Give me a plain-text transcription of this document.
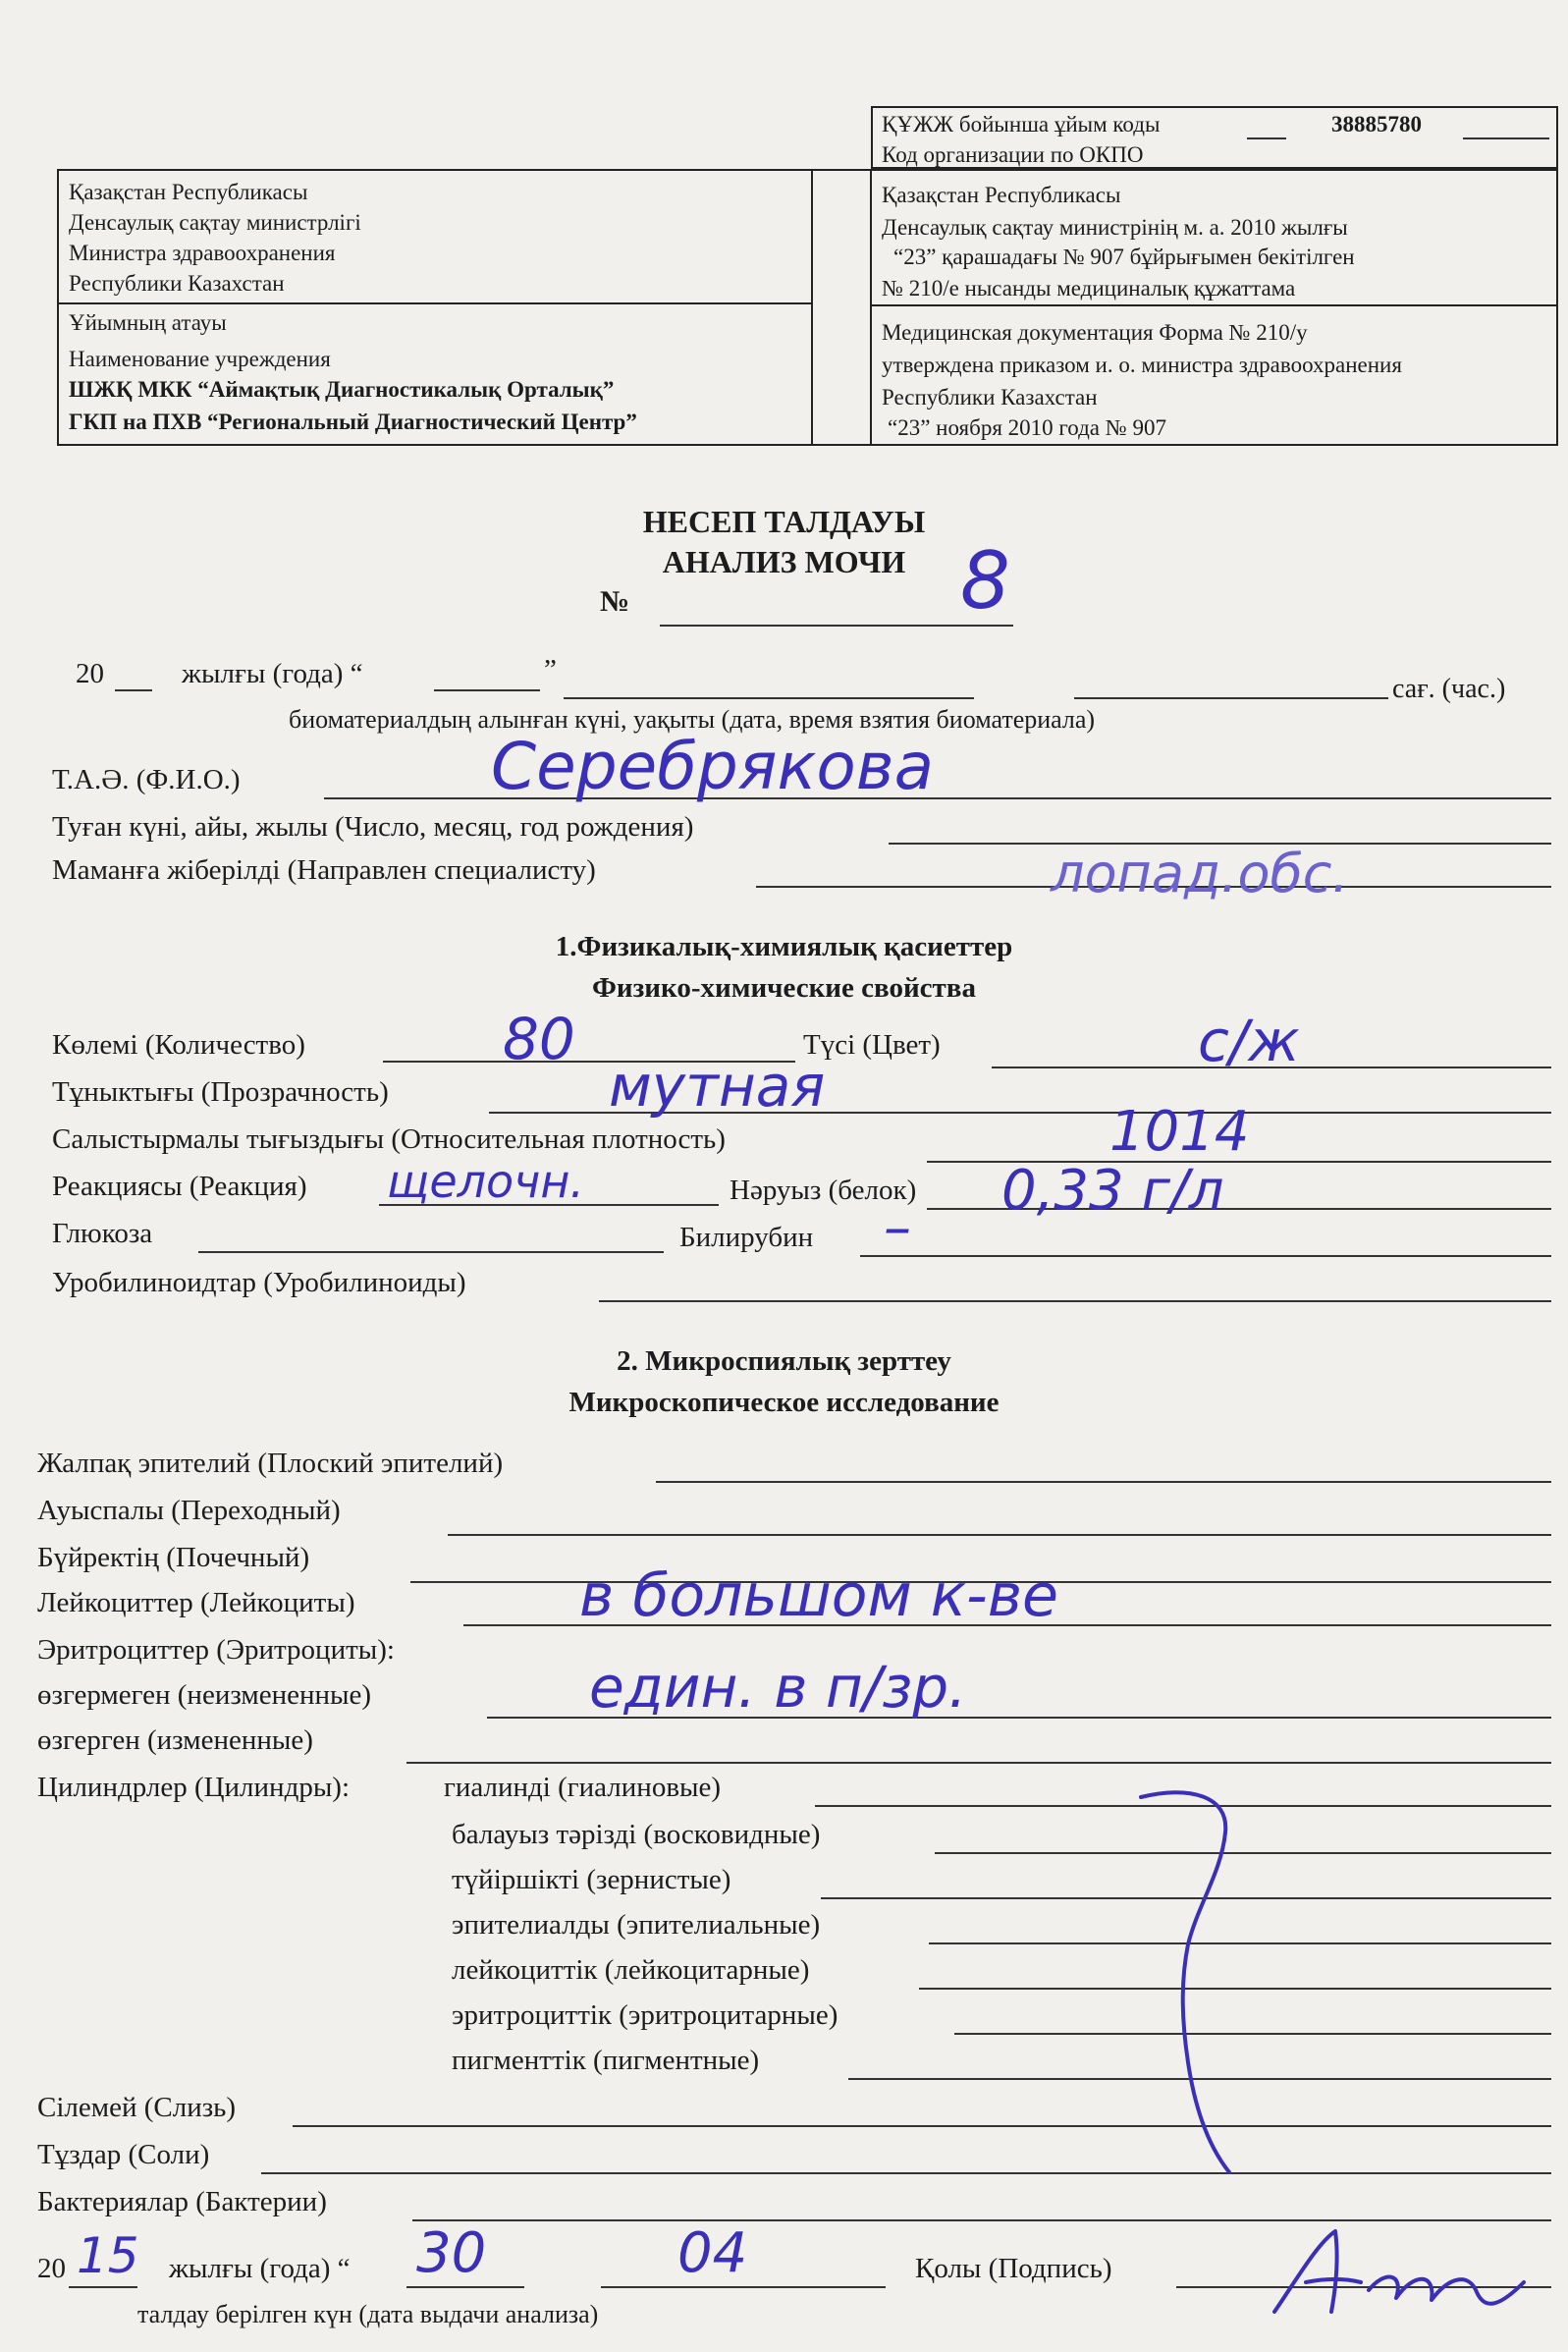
ҚҰЖЖ бойынша ұйым коды	38885780
Код организации по ОКПО
Қазақстан Республикасы
Денсаулық сақтау министрлігі
Министра здравоохранения
Республики Казахстан
Ұйымның атауы
Наименование учреждения
ШЖҚ МКК “Аймақтық Диагностикалық Орталық”
ГКП на ПХВ “Региональный Диагностический Центр”
Қазақстан Республикасы
Денсаулық сақтау министрінің м. а. 2010 жылғы
“23” қарашадағы № 907 бұйрығымен бекітілген
№ 210/е нысанды медициналық құжаттама
Медицинская документация Форма № 210/у
утверждена приказом и. о. министра здравоохранения
Республики Казахстан
“23” ноября 2010 года № 907
НЕСЕП ТАЛДАУЫ
АНАЛИЗ МОЧИ
№	8
20	жылғы (года) “	”
сағ. (час.)
биоматериалдың алынған күні, уақыты (дата, время взятия биоматериала)
Т.А.Ә. (Ф.И.О.)	Серебрякова
Туған күні, айы, жылы (Число, месяц, год рождения)
Маманға жіберілді (Направлен специалисту)	лопад.обс.
1.Физикалық-химиялық қасиеттер
Физико-химические свойства
Көлемі (Количество)	80	Түсі (Цвет)	с/ж
Тұныктығы (Прозрачность)	мутная
Салыстырмалы тығыздығы (Относительная плотность)	1014
Реакциясы (Реакция) щелочн.	Нәруыз (белок) 0,33 г/л
Глюкоза	Билирубин –
Уробилиноидтар (Уробилиноиды)
2. Микроспиялық зерттеу
Микроскопическое исследование
Жалпақ эпителий (Плоский эпителий)
Ауыспалы (Переходный)
Бүйректің (Почечный)
Лейкоциттер (Лейкоциты)	в большом к-ве
Эритроциттер (Эритроциты):
өзгермеген (неизмененные)	един. в п/зр.
өзгерген (измененные)
Цилиндрлер (Цилиндры):	гиалинді (гиалиновые)
балауыз тәрізді (восковидные)
түйіршікті (зернистые)
эпителиалды (эпителиальные)
лейкоциттік (лейкоцитарные)
эритроциттік (эритроцитарные)
пигменттік (пигментные)
Сілемей (Слизь)
Тұздар (Соли)
Бактериялар (Бактерии)
20 15 жылғы (года) “ 30	04	Қолы (Подпись)
талдау берілген күн (дата выдачи анализа)
